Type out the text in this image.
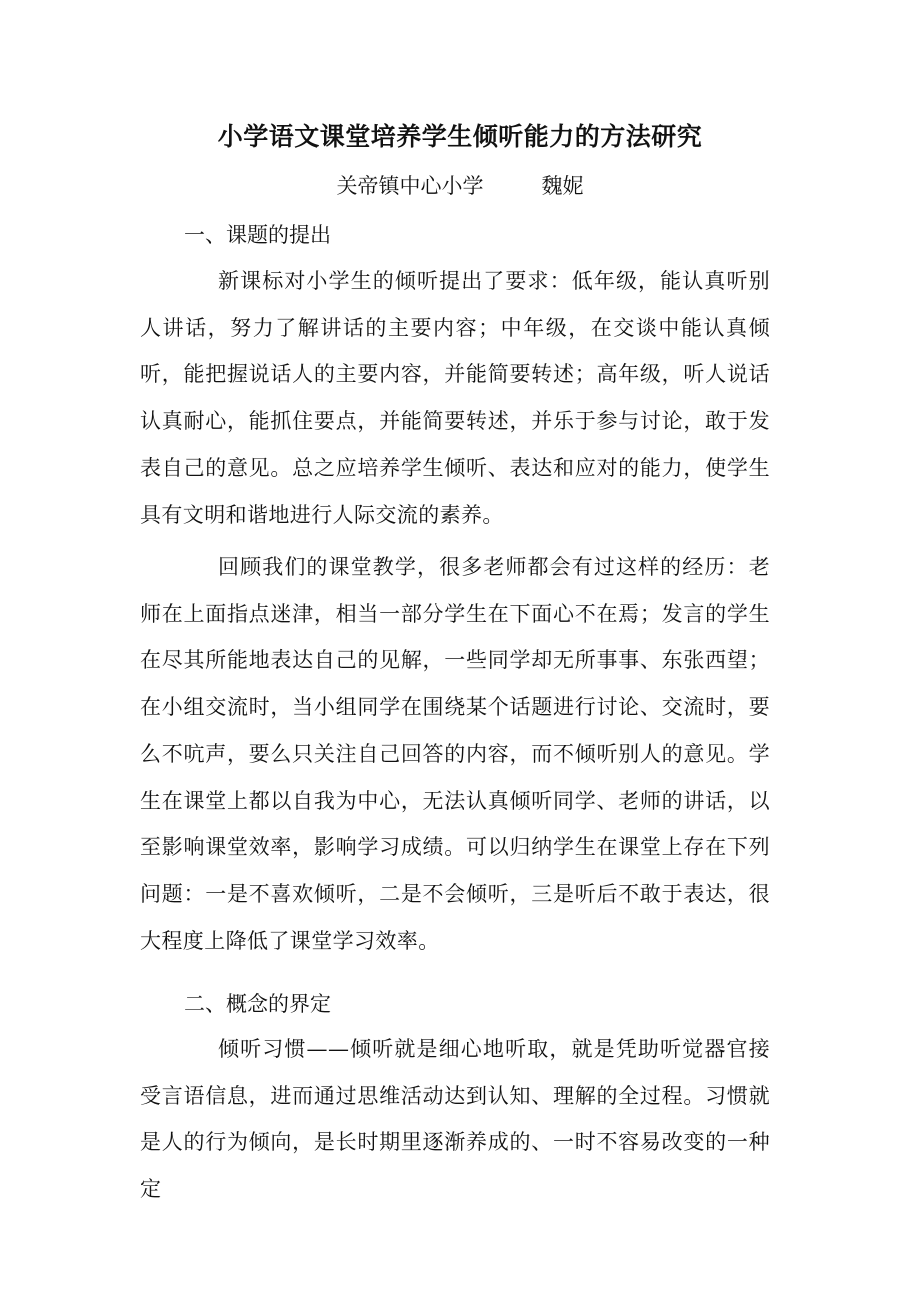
小学语文课堂培养学生倾听能力的方法研究
关帝镇中心小学	魏妮
一、课题的提出

新课标对小学生的倾听提出了要求：低年级，能认真听别人讲话，努力了解讲话的主要内容；中年级，在交谈中能认真倾听，能把握说话人的主要内容，并能简要转述；高年级，听人说话认真耐心，能抓住要点，并能简要转述，并乐于参与讨论，敢于发表自己的意见。总之应培养学生倾听、表达和应对的能力，使学生具有文明和谐地进行人际交流的素养。

回顾我们的课堂教学，很多老师都会有过这样的经历：老师在上面指点迷津，相当一部分学生在下面心不在焉；发言的学生在尽其所能地表达自己的见解，一些同学却无所事事、东张西望；在小组交流时，当小组同学在围绕某个话题进行讨论、交流时，要么不吭声，要么只关注自己回答的内容，而不倾听别人的意见。学生在课堂上都以自我为中心，无法认真倾听同学、老师的讲话，以至影响课堂效率，影响学习成绩。可以归纳学生在课堂上存在下列问题：一是不喜欢倾听，二是不会倾听，三是听后不敢于表达，很大程度上降低了课堂学习效率。

二、概念的界定

倾听习惯——倾听就是细心地听取，就是凭助听觉器官接受言语信息，进而通过思维活动达到认知、理解的全过程。习惯就是人的行为倾向，是长时期里逐渐养成的、一时不容易改变的一种定
